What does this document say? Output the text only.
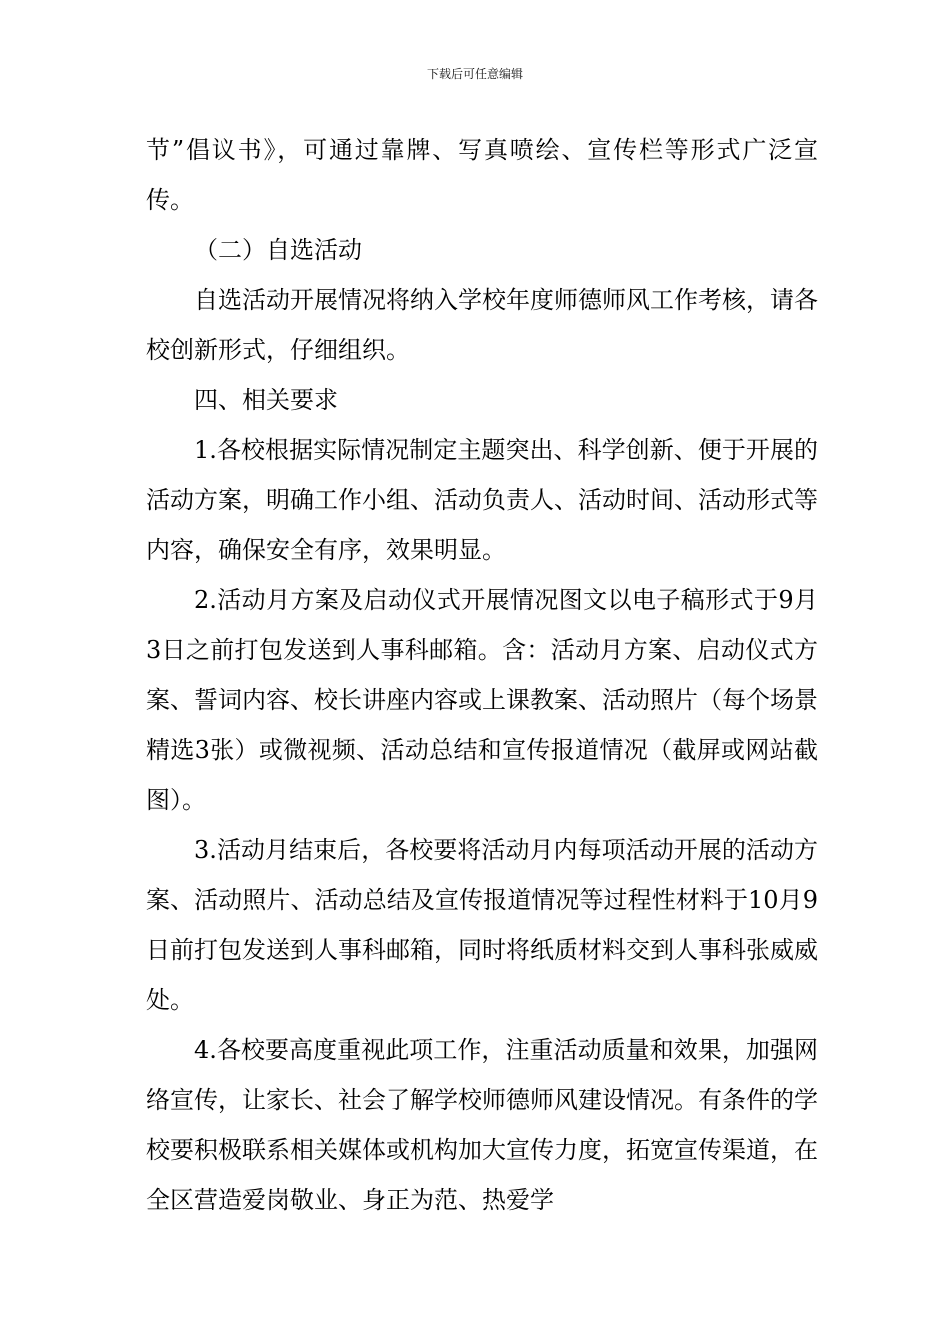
下载后可任意编辑

节”倡议书》，可通过靠牌、写真喷绘、宣传栏等形式广泛宣传。

（二）自选活动

自选活动开展情况将纳入学校年度师德师风工作考核，请各校创新形式，仔细组织。

四、相关要求

1.各校根据实际情况制定主题突出、科学创新、便于开展的活动方案，明确工作小组、活动负责人、活动时间、活动形式等内容，确保安全有序，效果明显。

2.活动月方案及启动仪式开展情况图文以电子稿形式于9月3日之前打包发送到人事科邮箱。含：活动月方案、启动仪式方案、誓词内容、校长讲座内容或上课教案、活动照片（每个场景精选3张）或微视频、活动总结和宣传报道情况（截屏或网站截图）。

3.活动月结束后，各校要将活动月内每项活动开展的活动方案、活动照片、活动总结及宣传报道情况等过程性材料于10月9日前打包发送到人事科邮箱，同时将纸质材料交到人事科张威威处。

4.各校要高度重视此项工作，注重活动质量和效果，加强网络宣传，让家长、社会了解学校师德师风建设情况。有条件的学校要积极联系相关媒体或机构加大宣传力度，拓宽宣传渠道，在全区营造爱岗敬业、身正为范、热爱学
